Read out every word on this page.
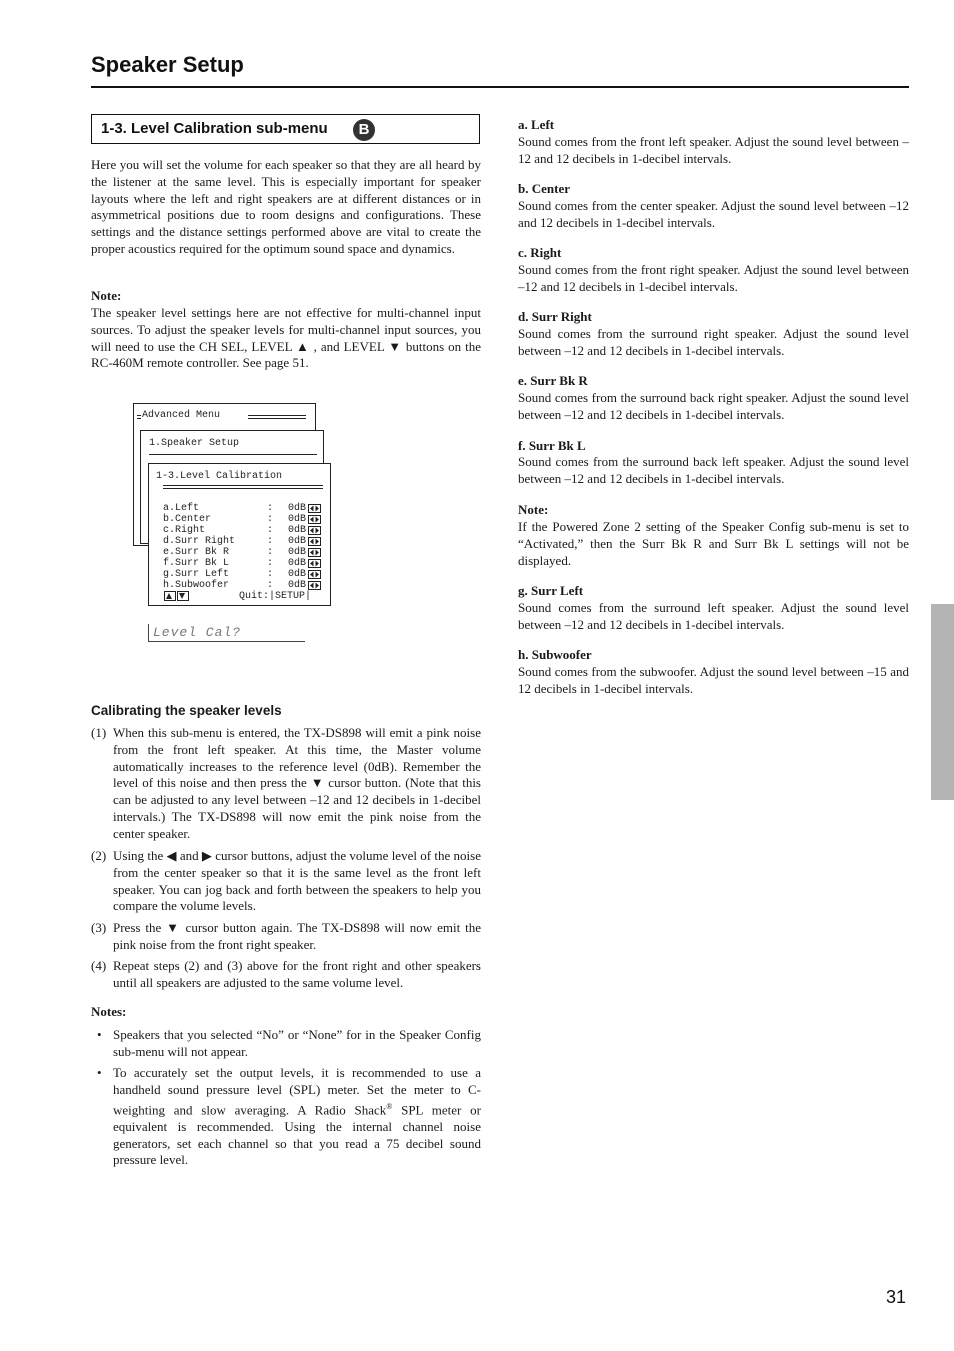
Speaker Setup
1-3. Level Calibration sub-menu	B
Here you will set the volume for each speaker so that they are all heard by the listener at the same level. This is especially important for speaker layouts where the left and right speakers are at different distances or in asymmetrical positions due to room designs and configurations. These settings and the distance settings performed above are vital to create the proper acoustics required for the optimum sound space and dynamics.
Note:
The speaker level settings here are not effective for multi-channel input sources. To adjust the speaker levels for multi-channel input sources, you will need to use the CH SEL, LEVEL ▲ , and LEVEL ▼ buttons on the RC-460M remote controller. See page 51.
Advanced Menu
1.Speaker Setup
1-3.Level Calibration
a.Left	: 0dB
b.Center	: 0dB
c.Right	: 0dB
d.Surr Right	: 0dB
e.Surr Bk R	: 0dB
f.Surr Bk L	: 0dB
g.Surr Left	: 0dB
h.Subwoofer	: 0dB
Quit:|SETUP|
Level Cal?
Calibrating the speaker levels
(1) When this sub-menu is entered, the TX-DS898 will emit a pink noise from the front left speaker. At this time, the Master volume automatically increases to the reference level (0dB). Remember the level of this noise and then press the ▼ cursor button. (Note that this can be adjusted to any level between –12 and 12 decibels in 1-decibel intervals.) The TX-DS898 will now emit the pink noise from the center speaker.
(2) Using the ◀ and ▶ cursor buttons, adjust the volume level of the noise from the center speaker so that it is the same level as the front left speaker. You can jog back and forth between the speakers to help you compare the volume levels.
(3) Press the ▼ cursor button again. The TX-DS898 will now emit the pink noise from the front right speaker.
(4) Repeat steps (2) and (3) above for the front right and other speakers until all speakers are adjusted to the same volume level.
Notes:
• Speakers that you selected “No” or “None” for in the Speaker Config sub-menu will not appear.
• To accurately set the output levels, it is recommended to use a handheld sound pressure level (SPL) meter. Set the meter to C-weighting and slow averaging. A Radio Shack® SPL meter or equivalent is recommended. Using the internal channel noise generators, set each channel so that you read a 75 decibel sound pressure level.
a. Left
Sound comes from the front left speaker. Adjust the sound level between –12 and 12 decibels in 1-decibel intervals.
b. Center
Sound comes from the center speaker. Adjust the sound level between –12 and 12 decibels in 1-decibel intervals.
c. Right
Sound comes from the front right speaker. Adjust the sound level between –12 and 12 decibels in 1-decibel intervals.
d. Surr Right
Sound comes from the surround right speaker. Adjust the sound level between –12 and 12 decibels in 1-decibel intervals.
e. Surr Bk R
Sound comes from the surround back right speaker. Adjust the sound level between –12 and 12 decibels in 1-decibel intervals.
f. Surr Bk L
Sound comes from the surround back left speaker. Adjust the sound level between –12 and 12 decibels in 1-decibel intervals.
Note:
If the Powered Zone 2 setting of the Speaker Config sub-menu is set to “Activated,” then the Surr Bk R and Surr Bk L settings will not be displayed.
g. Surr Left
Sound comes from the surround left speaker. Adjust the sound level between –12 and 12 decibels in 1-decibel intervals.
h. Subwoofer
Sound comes from the subwoofer. Adjust the sound level between –15 and 12 decibels in 1-decibel intervals.
31
